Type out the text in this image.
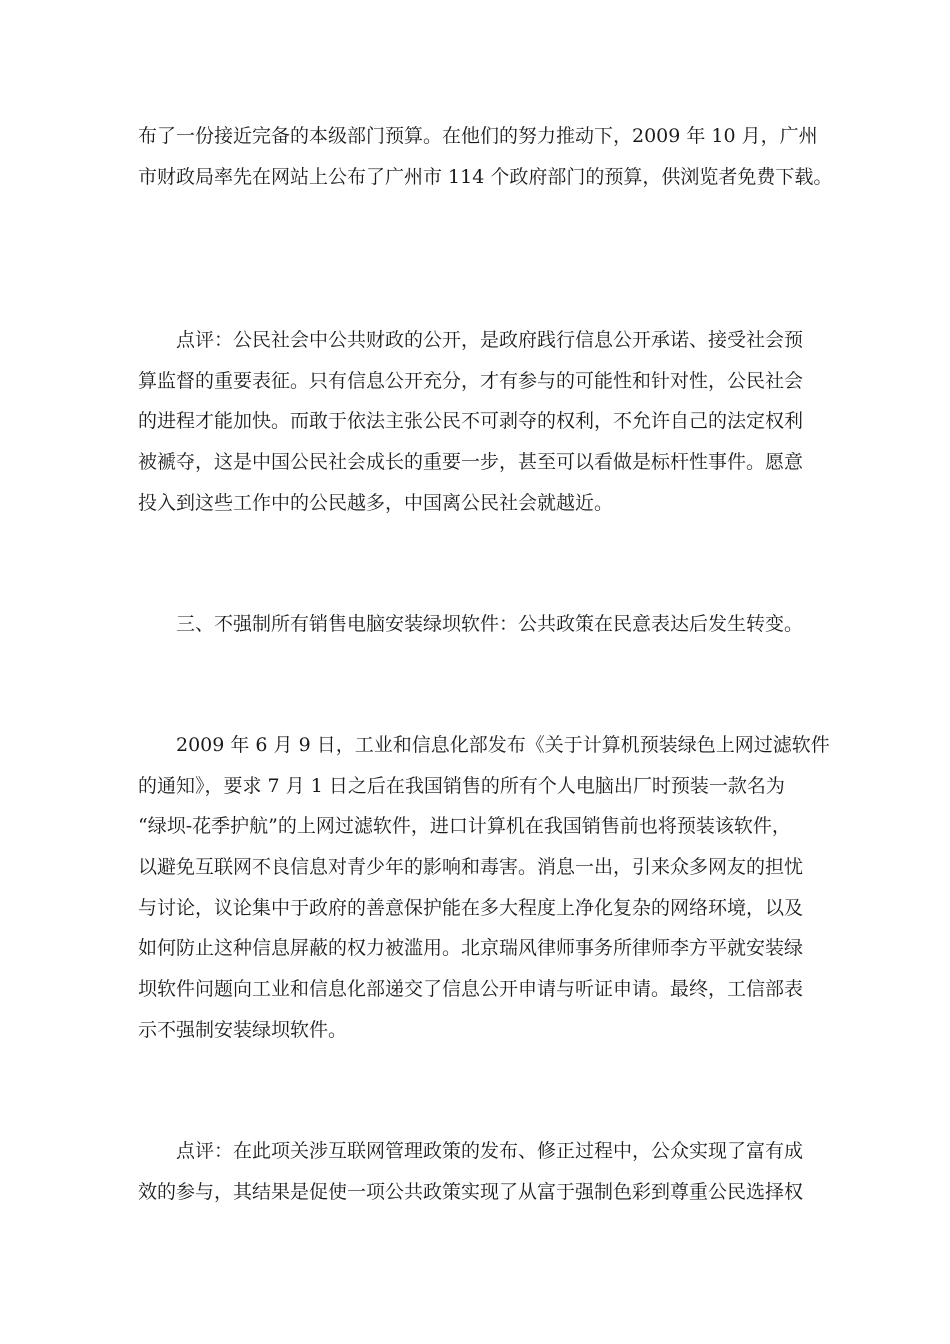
布了一份接近完备的本级部门预算。在他们的努力推动下，2009 年 10 月，广州
市财政局率先在网站上公布了广州市 114 个政府部门的预算，供浏览者免费下载。
点评：公民社会中公共财政的公开，是政府践行信息公开承诺、接受社会预
算监督的重要表征。只有信息公开充分，才有参与的可能性和针对性，公民社会
的进程才能加快。而敢于依法主张公民不可剥夺的权利，不允许自己的法定权利
被褫夺，这是中国公民社会成长的重要一步，甚至可以看做是标杆性事件。愿意
投入到这些工作中的公民越多，中国离公民社会就越近。
三、不强制所有销售电脑安装绿坝软件：公共政策在民意表达后发生转变。
2009 年 6 月 9 日，工业和信息化部发布《关于计算机预装绿色上网过滤软件
的通知》，要求 7 月 1 日之后在我国销售的所有个人电脑出厂时预装一款名为
“绿坝-花季护航”的上网过滤软件，进口计算机在我国销售前也将预装该软件，
以避免互联网不良信息对青少年的影响和毒害。消息一出，引来众多网友的担忧
与讨论，议论集中于政府的善意保护能在多大程度上净化复杂的网络环境，以及
如何防止这种信息屏蔽的权力被滥用。北京瑞风律师事务所律师李方平就安装绿
坝软件问题向工业和信息化部递交了信息公开申请与听证申请。最终，工信部表
示不强制安装绿坝软件。
点评：在此项关涉互联网管理政策的发布、修正过程中，公众实现了富有成
效的参与，其结果是促使一项公共政策实现了从富于强制色彩到尊重公民选择权
